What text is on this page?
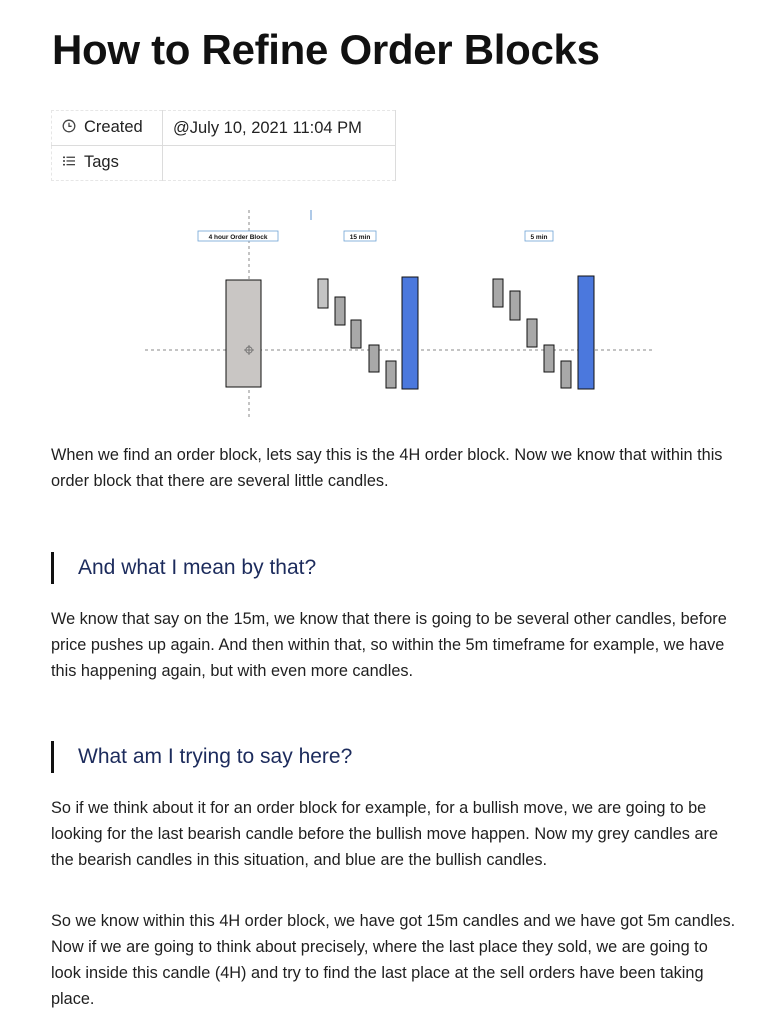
How to Refine Order Blocks
Created	@July 10, 2021 11:04 PM
Tags	
4 hour Order Block	15 min	5 min

When we find an order block, lets say this is the 4H order block. Now we know that within this order block that there are several little candles.

And what I mean by that?

We know that say on the 15m, we know that there is going to be several other candles, before price pushes up again. And then within that, so within the 5m timeframe for example, we have this happening again, but with even more candles.

What am I trying to say here?

So if we think about it for an order block for example, for a bullish move, we are going to be looking for the last bearish candle before the bullish move happen. Now my grey candles are the bearish candles in this situation, and blue are the bullish candles.

So we know within this 4H order block, we have got 15m candles and we have got 5m candles. Now if we are going to think about precisely, where the last place they sold, we are going to look inside this candle (4H) and try to find the last place at the sell orders have been taking place.
